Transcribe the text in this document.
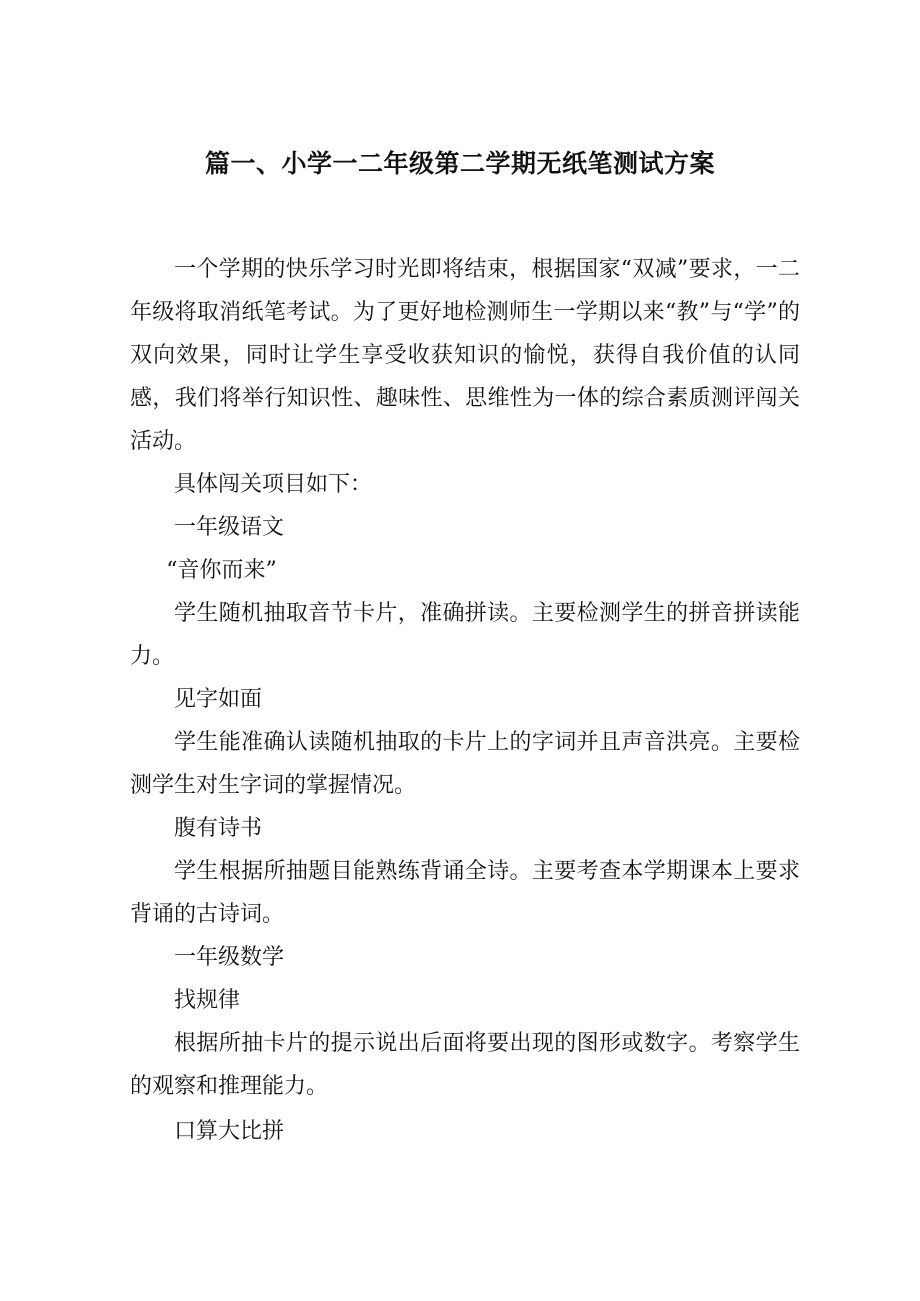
篇一、小学一二年级第二学期无纸笔测试方案

一个学期的快乐学习时光即将结束，根据国家“双减”要求，一二年级将取消纸笔考试。为了更好地检测师生一学期以来“教”与“学”的双向效果，同时让学生享受收获知识的愉悦，获得自我价值的认同感，我们将举行知识性、趣味性、思维性为一体的综合素质测评闯关活动。

具体闯关项目如下：

一年级语文

“音你而来”

学生随机抽取音节卡片，准确拼读。主要检测学生的拼音拼读能力。

见字如面

学生能准确认读随机抽取的卡片上的字词并且声音洪亮。主要检测学生对生字词的掌握情况。

腹有诗书

学生根据所抽题目能熟练背诵全诗。主要考查本学期课本上要求背诵的古诗词。

一年级数学

找规律

根据所抽卡片的提示说出后面将要出现的图形或数字。考察学生的观察和推理能力。

口算大比拼
